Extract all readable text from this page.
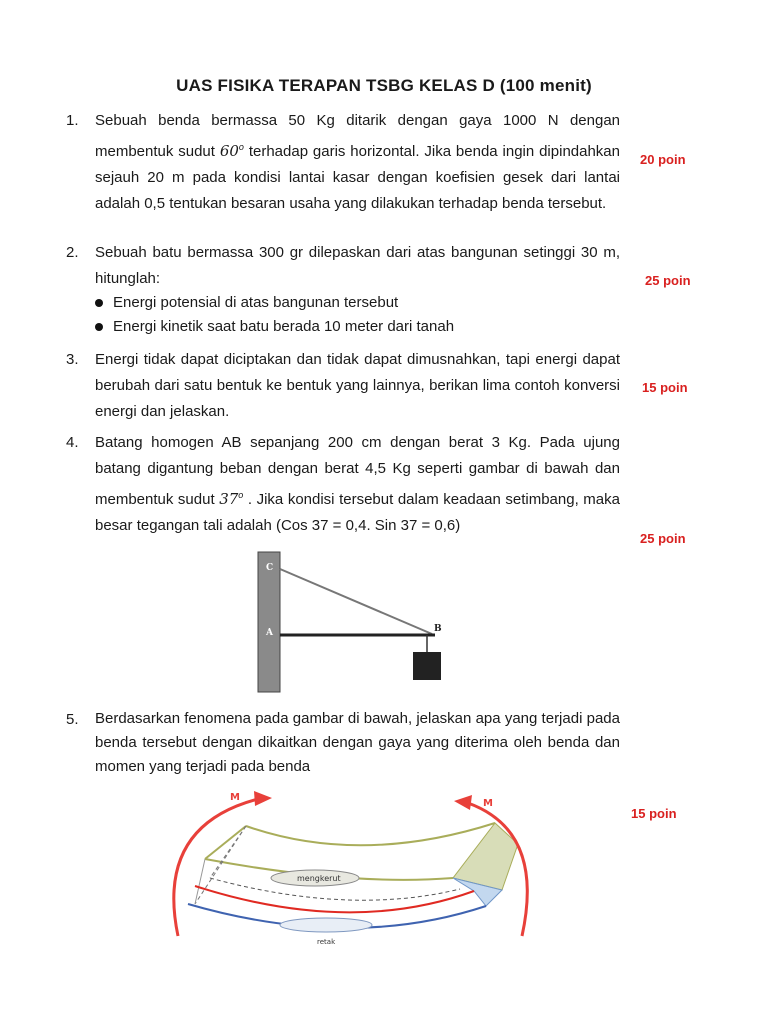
UAS FISIKA TERAPAN TSBG KELAS D (100 menit)
1. Sebuah benda bermassa 50 Kg ditarik dengan gaya 1000 N dengan membentuk sudut 60$^o$ terhadap garis horizontal. Jika benda ingin dipindahkan sejauh 20 m pada kondisi lantai kasar dengan koefisien gesek dari lantai adalah 0,5 tentukan besaran usaha yang dilakukan terhadap benda tersebut.
20 poin
2. Sebuah batu bermassa 300 gr dilepaskan dari atas bangunan setinggi 30 m, hitunglah:
Energi potensial di atas bangunan tersebut
Energi kinetik saat batu berada 10 meter dari tanah
25 poin
3. Energi tidak dapat diciptakan dan tidak dapat dimusnahkan, tapi energi dapat berubah dari satu bentuk ke bentuk yang lainnya, berikan lima contoh konversi energi dan jelaskan.
15 poin
4. Batang homogen AB sepanjang 200 cm dengan berat 3 Kg. Pada ujung batang digantung beban dengan berat 4,5 Kg seperti gambar di bawah dan membentuk sudut 37$^o$ . Jika kondisi tersebut dalam keadaan setimbang, maka besar tegangan tali adalah (Cos 37 = 0,4. Sin 37 = 0,6)
25 poin
C
A	B
5. Berdasarkan fenomena pada gambar di bawah, jelaskan apa yang terjadi pada benda tersebut dengan dikaitkan dengan gaya yang diterima oleh benda dan momen yang terjadi pada benda
15 poin
mengkerut
retak
M
M
